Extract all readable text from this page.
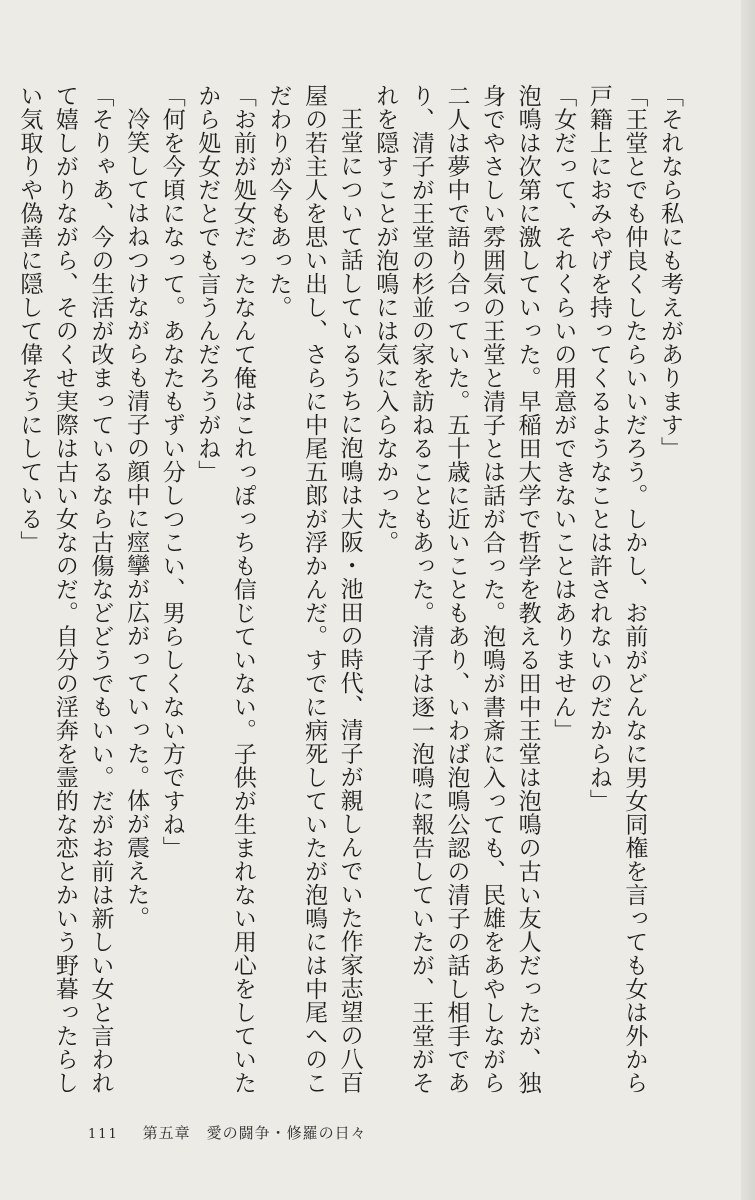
「それなら私にも考えがあります」

「王堂とでも仲良くしたらいいだろう。しかし、お前がどんなに男女同権を言っても女は外から戸籍上におみやげを持ってくるようなことは許されないのだからね」

「女だって、それくらいの用意ができないことはありません」

泡鳴は次第に激していった。早稲田大学で哲学を教える田中王堂は泡鳴の古い友人だったが、独身でやさしい雰囲気の王堂と清子とは話が合った。泡鳴が書斎に入っても、民雄をあやしながら二人は夢中で語り合っていた。五十歳に近いこともあり、いわば泡鳴公認の清子の話し相手であり、清子が王堂の杉並の家を訪ねることもあった。清子は逐一泡鳴に報告していたが、王堂がそれを隠すことが泡鳴には気に入らなかった。

王堂について話しているうちに泡鳴は大阪・池田の時代、清子が親しんでいた作家志望の八百屋の若主人を思い出し、さらに中尾五郎が浮かんだ。すでに病死していたが泡鳴には中尾へのこだわりが今もあった。

「お前が処女だったなんて俺はこれっぽっちも信じていない。子供が生まれない用心をしていたから処女だとでも言うんだろうがね」

「何を今頃になって。あなたもずい分しつこい、男らしくない方ですね」

冷笑してはねつけながらも清子の顔中に痙攣が広がっていった。体が震えた。

「そりゃあ、今の生活が改まっているなら古傷などどうでもいい。だがお前は新しい女と言われて嬉しがりながら、そのくせ実際は古い女なのだ。自分の淫奔を霊的な恋とかいう野暮ったらしい気取りや偽善に隠して偉そうにしている」

111 第五章　愛の闘争・修羅の日々
